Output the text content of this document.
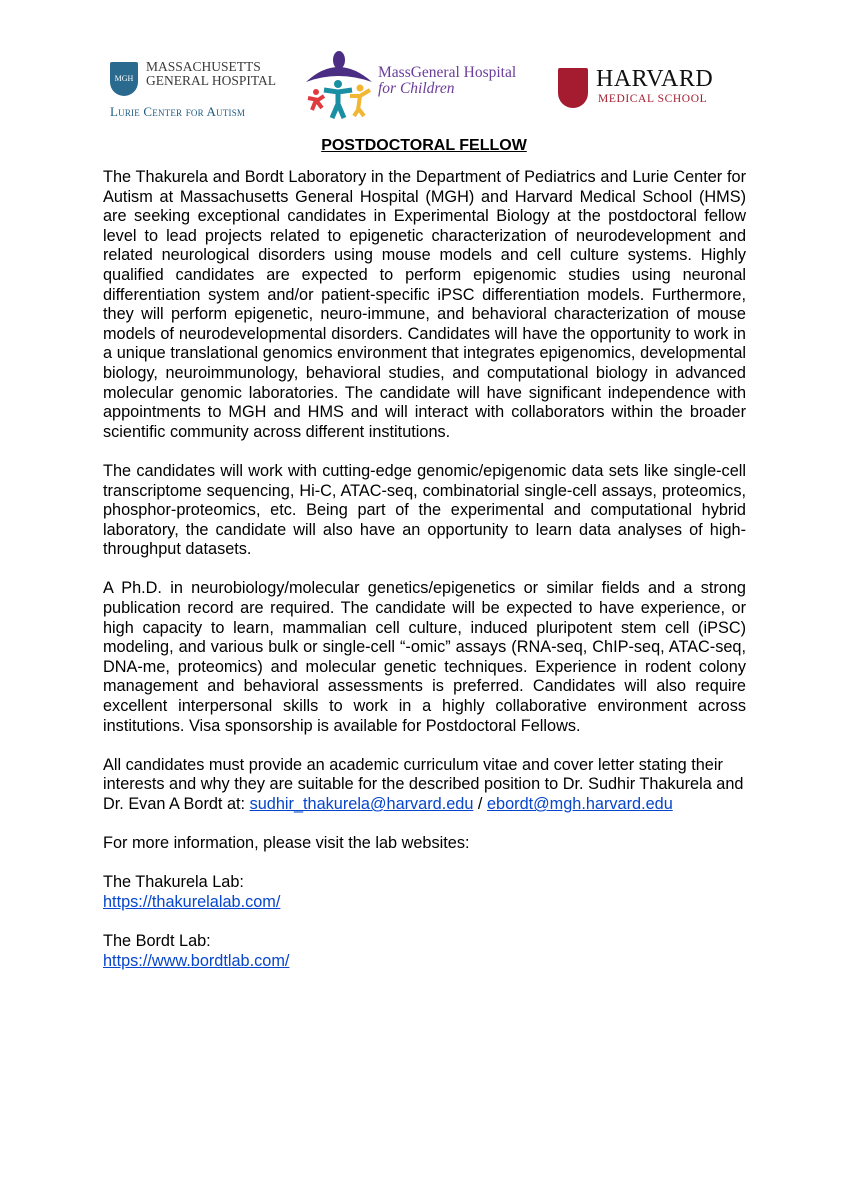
MGH
MASSACHUSETTS
GENERAL HOSPITAL
Lurie Center for Autism
MassGeneral Hospital
for Children	HARVARD
MEDICAL SCHOOL
POSTDOCTORAL FELLOW

The Thakurela and Bordt Laboratory in the Department of Pediatrics and Lurie Center for Autism at Massachusetts General Hospital (MGH) and Harvard Medical School (HMS) are seeking exceptional candidates in Experimental Biology at the postdoctoral fellow level to lead projects related to epigenetic characterization of neurodevelopment and related neurological disorders using mouse models and cell culture systems. Highly qualified candidates are expected to perform epigenomic studies using neuronal differentiation system and/or patient-specific iPSC differentiation models. Furthermore, they will perform epigenetic, neuro-immune, and behavioral characterization of mouse models of neurodevelopmental disorders. Candidates will have the opportunity to work in a unique translational genomics environment that integrates epigenomics, developmental biology, neuroimmunology, behavioral studies, and computational biology in advanced molecular genomic laboratories. The candidate will have significant independence with appointments to MGH and HMS and will interact with collaborators within the broader scientific community across different institutions.

The candidates will work with cutting-edge genomic/epigenomic data sets like single-cell transcriptome sequencing, Hi-C, ATAC-seq, combinatorial single-cell assays, proteomics, phosphor-proteomics, etc. Being part of the experimental and computational hybrid laboratory, the candidate will also have an opportunity to learn data analyses of high-throughput datasets.

A Ph.D. in neurobiology/molecular genetics/epigenetics or similar fields and a strong publication record are required. The candidate will be expected to have experience, or high capacity to learn, mammalian cell culture, induced pluripotent stem cell (iPSC) modeling, and various bulk or single-cell “-omic” assays (RNA-seq, ChIP-seq, ATAC-seq, DNA-me, proteomics) and molecular genetic techniques. Experience in rodent colony management and behavioral assessments is preferred. Candidates will also require excellent interpersonal skills to work in a highly collaborative environment across institutions. Visa sponsorship is available for Postdoctoral Fellows.

All candidates must provide an academic curriculum vitae and cover letter stating their interests and why they are suitable for the described position to Dr. Sudhir Thakurela and Dr. Evan A Bordt at: sudhir_thakurela@harvard.edu / ebordt@mgh.harvard.edu

For more information, please visit the lab websites:

The Thakurela Lab:
https://thakurelalab.com/

The Bordt Lab:
https://www.bordtlab.com/
